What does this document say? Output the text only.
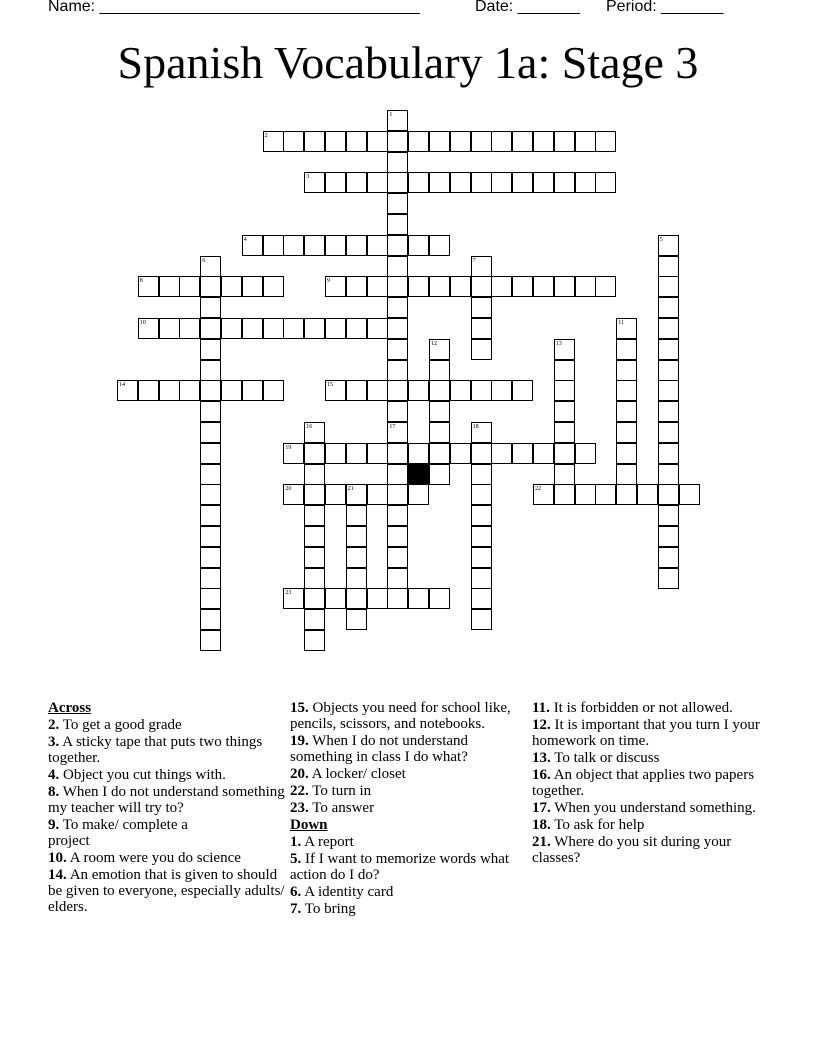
Name: ____________________________________	Date: _______ Period: _______
Spanish Vocabulary 1a: Stage 3
1
2
3
4	5
6	7
8	9
10	11
12	13
14	15
16	17	18
19
20	21	22
23
Across
2. To get a good grade
3. A sticky tape that puts two things together.
4. Object you cut things with.
8. When I do not understand something my teacher will try to?
9. To make/ complete a project
10. A room were you do science
14. An emotion that is given to should be given to everyone, especially adults/ elders.
15. Objects you need for school like, pencils, scissors, and notebooks.
19. When I do not understand something in class I do what?
20. A locker/ closet
22. To turn in
23. To answer
Down
1. A report
5. If I want to memorize words what action do I do?
6. A identity card
7. To bring
11. It is forbidden or not allowed.
12. It is important that you turn I your homework on time.
13. To talk or discuss
16. An object that applies two papers together.
17. When you understand something.
18. To ask for help
21. Where do you sit during your classes?
